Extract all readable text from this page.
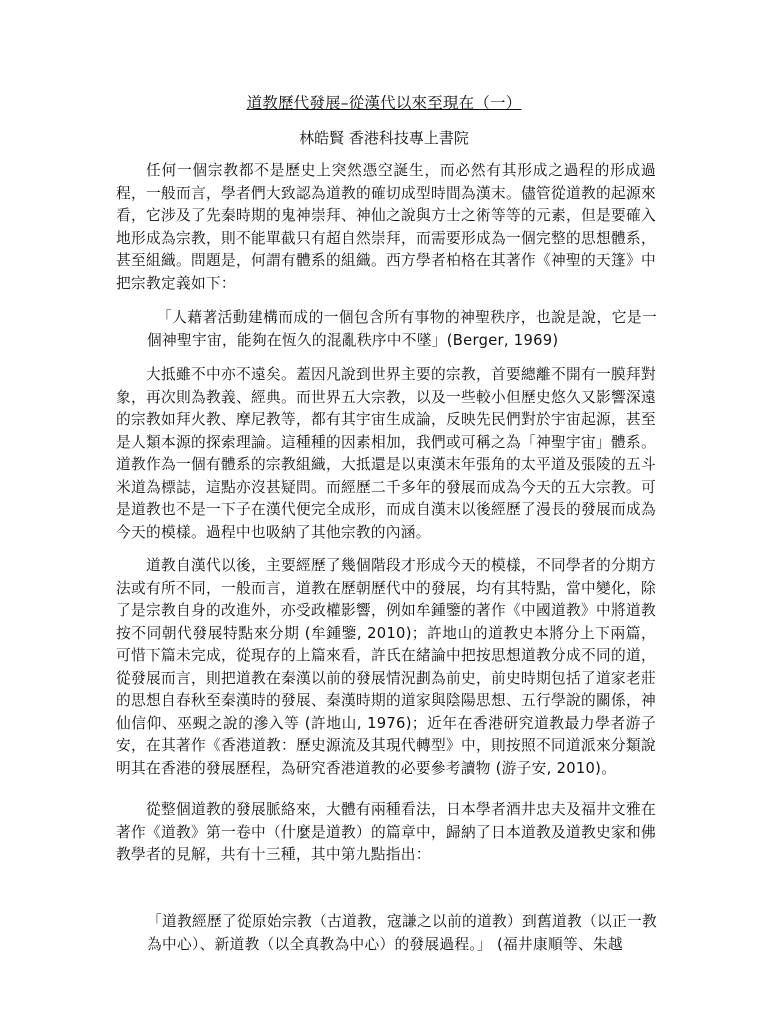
道教歷代發展–從漢代以來至現在（一）
林皓賢 香港科技專上書院

任何一個宗教都不是歷史上突然憑空誕生，而必然有其形成之過程的形成過程，一般而言，學者們大致認為道教的確切成型時間為漢末。儘管從道教的起源來看，它涉及了先秦時期的鬼神崇拜、神仙之說與方士之術等等的元素，但是要確入地形成為宗教，則不能單截只有超自然崇拜，而需要形成為一個完整的思想體系，甚至組織。問題是，何謂有體系的組織。西方學者柏格在其著作《神聖的天篷》中把宗教定義如下：

「人藉著活動建構而成的一個包含所有事物的神聖秩序，也說是說，它是一個神聖宇宙，能夠在恆久的混亂秩序中不墜」(Berger, 1969)

大抵雖不中亦不遠矣。蓋因凡說到世界主要的宗教，首要總離不開有一膜拜對象，再次則為教義、經典。而世界五大宗教，以及一些較小但歷史悠久又影響深遠的宗教如拜火教、摩尼教等，都有其宇宙生成論，反映先民們對於宇宙起源，甚至是人類本源的探索理論。這種種的因素相加，我們或可稱之為「神聖宇宙」體系。道教作為一個有體系的宗教組織，大抵還是以東漢末年張角的太平道及張陵的五斗米道為標誌，這點亦沒甚疑問。而經歷二千多年的發展而成為今天的五大宗教。可是道教也不是一下子在漢代便完全成形，而成自漢末以後經歷了漫長的發展而成為今天的模樣。過程中也吸納了其他宗教的內涵。

道教自漢代以後，主要經歷了幾個階段才形成今天的模樣，不同學者的分期方法或有所不同，一般而言，道教在歷朝歷代中的發展，均有其特點，當中變化，除了是宗教自身的改進外，亦受政權影響，例如牟鍾鑒的著作《中國道教》中將道教按不同朝代發展特點來分期 (牟鍾鑒, 2010)；許地山的道教史本將分上下兩篇，可惜下篇未完成，從現存的上篇來看，許氏在緒論中把按思想道教分成不同的道，從發展而言，則把道教在秦漢以前的發展情況劃為前史，前史時期包括了道家老莊的思想自春秋至秦漢時的發展、秦漢時期的道家與陰陽思想、五行學說的關係，神仙信仰、巫覡之說的滲入等 (許地山, 1976)；近年在香港研究道教最力學者游子安，在其著作《香港道教：歷史源流及其現代轉型》中，則按照不同道派來分類說明其在香港的發展歷程，為研究香港道教的必要參考讀物 (游子安, 2010)。

從整個道教的發展脈絡來，大體有兩種看法，日本學者酒井忠夫及福井文雅在著作《道教》第一卷中（什麼是道教）的篇章中，歸納了日本道教及道教史家和佛教學者的見解，共有十三種，其中第九點指出：

「道教經歷了從原始宗教（古道教，寇謙之以前的道教）到舊道教（以正一教為中心）、新道教（以全真教為中心）的發展過程。」 (福井康順等、朱越
